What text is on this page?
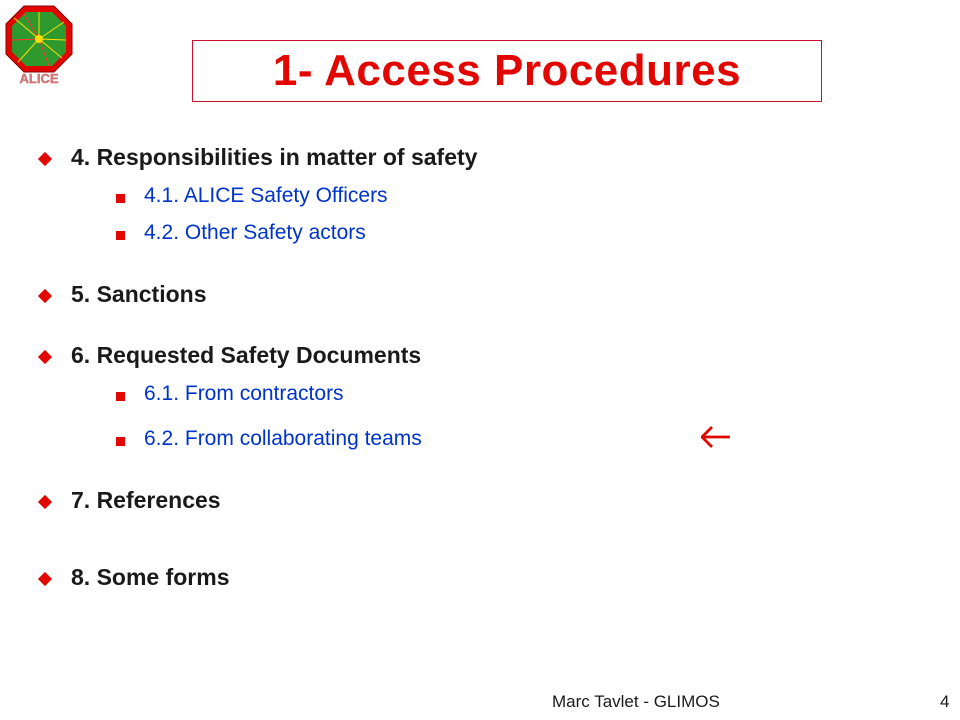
ALICE	1- Access Procedures
4. Responsibilities in matter of safety
4.1. ALICE Safety Officers
4.2. Other Safety actors
5. Sanctions
6. Requested Safety Documents
6.1. From contractors
6.2. From collaborating teams
7. References
8. Some forms
Marc Tavlet - GLIMOS	4
